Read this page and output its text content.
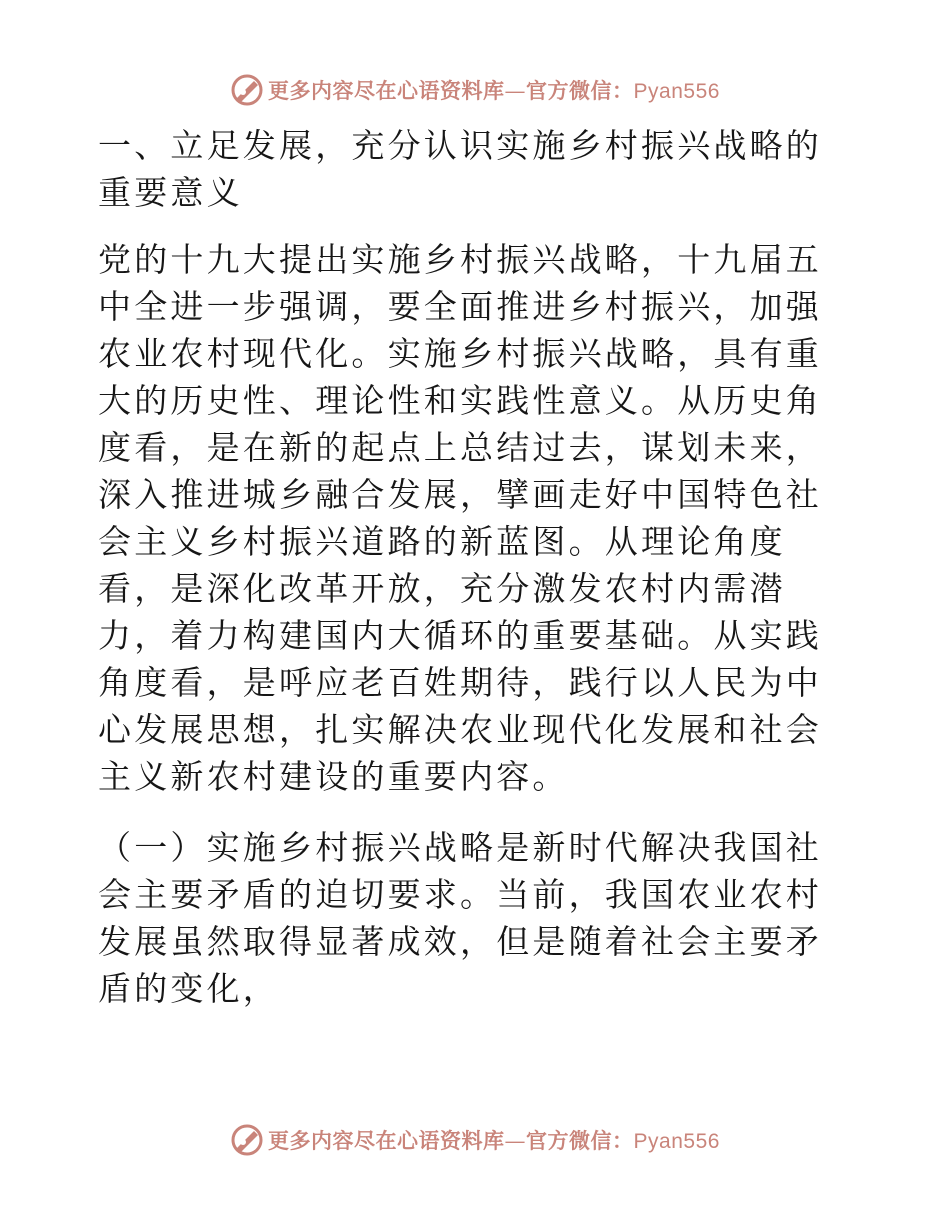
更多内容尽在心语资料库—官方微信：Pyan556

一、立足发展，充分认识实施乡村振兴战略的重要意义

党的十九大提出实施乡村振兴战略，十九届五中全进一步强调，要全面推进乡村振兴，加强农业农村现代化。实施乡村振兴战略，具有重大的历史性、理论性和实践性意义。从历史角度看，是在新的起点上总结过去，谋划未来，深入推进城乡融合发展，擘画走好中国特色社会主义乡村振兴道路的新蓝图。从理论角度看，是深化改革开放，充分激发农村内需潜力，着力构建国内大循环的重要基础。从实践角度看，是呼应老百姓期待，践行以人民为中心发展思想，扎实解决农业现代化发展和社会主义新农村建设的重要内容。

（一）实施乡村振兴战略是新时代解决我国社会主要矛盾的迫切要求。当前，我国农业农村发展虽然取得显著成效，但是随着社会主要矛盾的变化，

更多内容尽在心语资料库—官方微信：Pyan556
